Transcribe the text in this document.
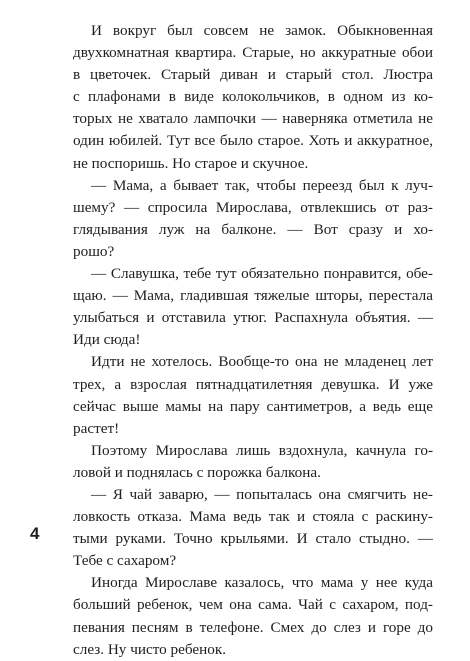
И вокруг был совсем не замок. Обыкновенная
двухкомнатная квартира. Старые, но аккуратные обои
в цветочек. Старый диван и старый стол. Люстра
с плафонами в виде колокольчиков, в одном из ко-
торых не хватало лампочки — наверняка отметила не
один юбилей. Тут все было старое. Хоть и аккуратное,
не поспоришь. Но старое и скучное.
— Мама, а бывает так, чтобы переезд был к луч-
шему? — спросила Мирослава, отвлекшись от раз-
глядывания луж на балконе. — Вот сразу и хо-
рошо?
— Славушка, тебе тут обязательно понравится, обе-
щаю. — Мама, гладившая тяжелые шторы, перестала
улыбаться и отставила утюг. Распахнула объятия. —
Иди сюда!
Идти не хотелось. Вообще-то она не младенец лет
трех, а взрослая пятнадцатилетняя девушка. И уже
сейчас выше мамы на пару сантиметров, а ведь еще
растет!
Поэтому Мирослава лишь вздохнула, качнула го-
ловой и поднялась с порожка балкона.
— Я чай заварю, — попыталась она смягчить не-
ловкость отказа. Мама ведь так и стояла с раскину-
тыми руками. Точно крыльями. И стало стыдно. —
Тебе с сахаром?
Иногда Мирославе казалось, что мама у нее куда
больший ребенок, чем она сама. Чай с сахаром, под-
певания песням в телефоне. Смех до слез и горе до
слез. Ну чисто ребенок.
4
